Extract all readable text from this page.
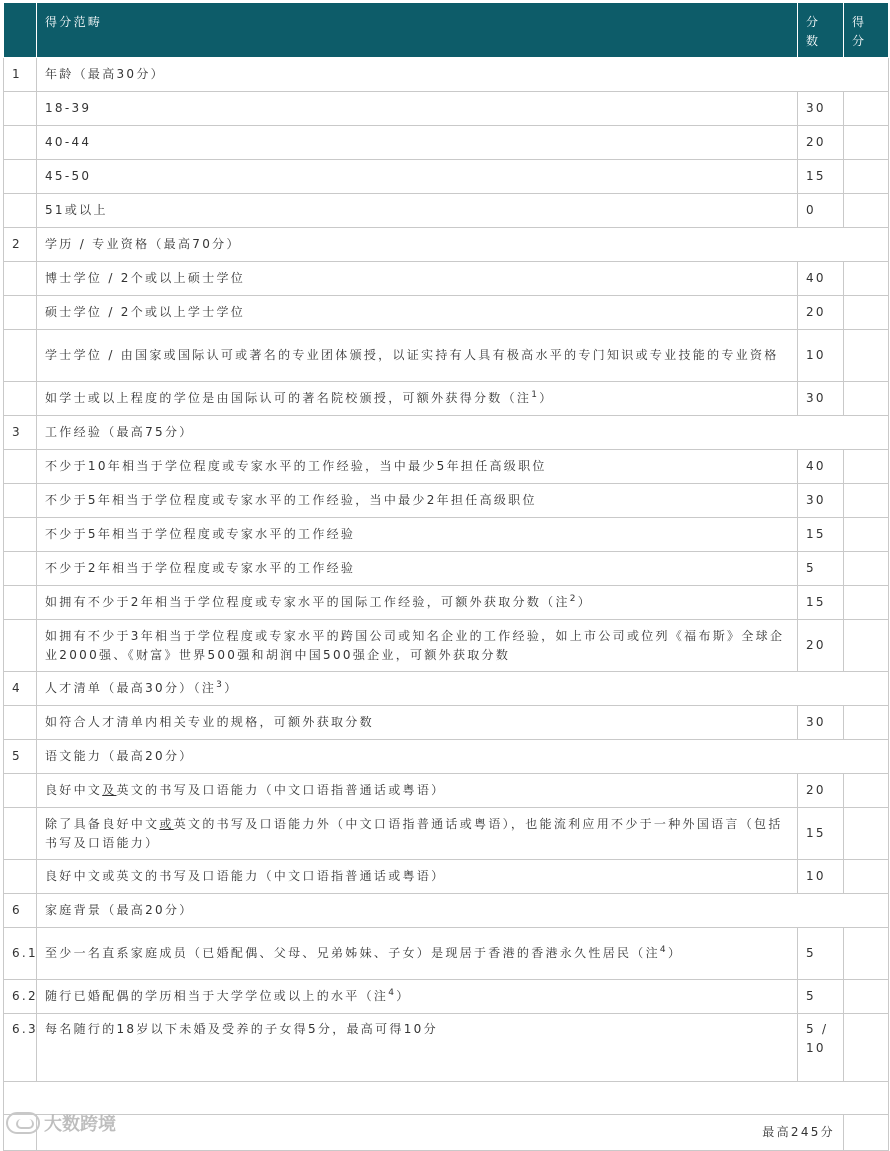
	得分范畴	分数	得分
1	年龄（最高30分）		
	18-39	30	
	40-44	20	
	45-50	15	
	51或以上	0	
2	学历 / 专业资格（最高70分）		
	博士学位 / 2个或以上硕士学位	40	
	硕士学位 / 2个或以上学士学位	20	
	学士学位 / 由国家或国际认可或著名的专业团体颁授，以证实持有人具有极高水平的专门知识或专业技能的专业资格	10	
	如学士或以上程度的学位是由国际认可的著名院校颁授，可额外获得分数（注$^1$）	30	
3	工作经验（最高75分）		
	不少于10年相当于学位程度或专家水平的工作经验，当中最少5年担任高级职位	40	
	不少于5年相当于学位程度或专家水平的工作经验，当中最少2年担任高级职位	30	
	不少于5年相当于学位程度或专家水平的工作经验	15	
	不少于2年相当于学位程度或专家水平的工作经验	5	
	如拥有不少于2年相当于学位程度或专家水平的国际工作经验，可额外获取分数（注$^2$）	15	
	如拥有不少于3年相当于学位程度或专家水平的跨国公司或知名企业的工作经验，如上市公司或位列《福布斯》全球企业2000强、《财富》世界500强和胡润中国500强企业，可额外获取分数	20	
4	人才清单（最高30分）（注$^3$）		
	如符合人才清单内相关专业的规格，可额外获取分数	30	
5	语文能力（最高20分）		
	良好中文及英文的书写及口语能力（中文口语指普通话或粤语）	20	
	除了具备良好中文或英文的书写及口语能力外（中文口语指普通话或粤语），也能流利应用不少于一种外国语言（包括书写及口语能力）	15	
	良好中文或英文的书写及口语能力（中文口语指普通话或粤语）	10	
6	家庭背景（最高20分）		
6.1	至少一名直系家庭成员（已婚配偶、父母、兄弟姊妹、子女）是现居于香港的香港永久性居民（注$^4$）	5	
6.2	随行已婚配偶的学历相当于大学学位或以上的水平（注$^4$）	5	
6.3	每名随行的18岁以下未婚及受养的子女得5分，最高可得10分	5 / 10	

	最高245分		
大数跨境
